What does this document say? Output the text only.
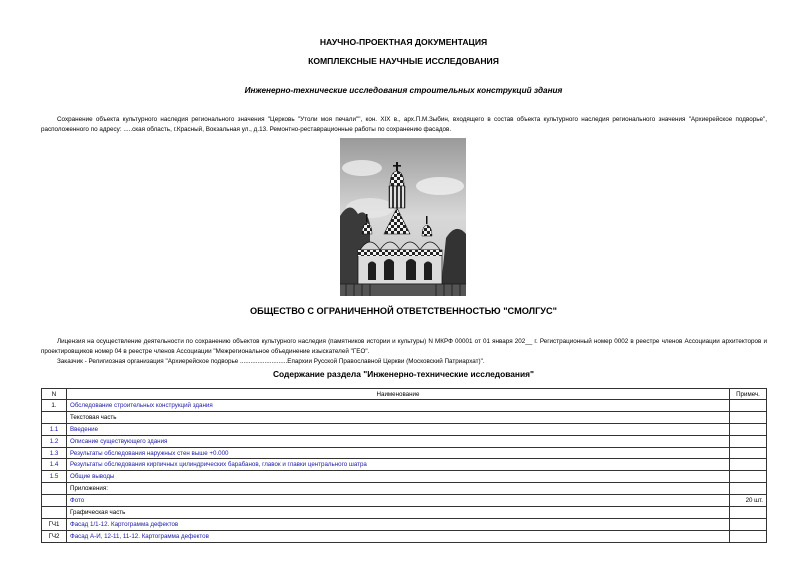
НАУЧНО-ПРОЕКТНАЯ ДОКУМЕНТАЦИЯ
КОМПЛЕКСНЫЕ НАУЧНЫЕ ИССЛЕДОВАНИЯ
Инженерно-технические исследования строительных конструкций здания
Сохранение объекта культурного наследия регионального значения "Церковь "Утоли моя печали"", кон. XIX в., арх.П.М.Зыбин, входящего в состав объекта культурного наследия регионального значения "Архиерейское подворье", расположенного по адресу: .....ская область, г.Красный, Вокзальная ул., д.13. Ремонтно-реставрационные работы по сохранению фасадов.
ОБЩЕСТВО С ОГРАНИЧЕННОЙ ОТВЕТСТВЕННОСТЬЮ "СМОЛГУС"
Лицензия на осуществление деятельности по сохранению объектов культурного наследия (памятников истории и культуры) N МКРФ 00001 от 01 января 202__ г. Регистрационный номер 0002 в реестре членов Ассоциации архитекторов и проектировщиков номер 04 в реестре членов Ассоциации "Межрегиональное объединение изыскателей "ГЕО".
Заказчик - Религиозная организация "Архиерейское подворье ...........................Епархии Русской Православной Церкви (Московский Патриархат)".
Содержание раздела "Инженерно-технические исследования"
N	Наименование	Примеч.
1.	Обследование строительных конструкций здания	
	Текстовая часть	
1.1	Введение	
1.2	Описание существующего здания	
1.3	Результаты обследования наружных стен выше +0.000	
1.4	Результаты обследования кирпичных цилиндрических барабанов, главок и главки центрального шатра	
1.5	Общие выводы	
	Приложения:	
	Фото	20 шт.
	Графическая часть	
ГЧ1	Фасад 1/1-12. Картограмма дефектов	
ГЧ2	Фасад А-И, 12-11, 11-12. Картограмма дефектов	
